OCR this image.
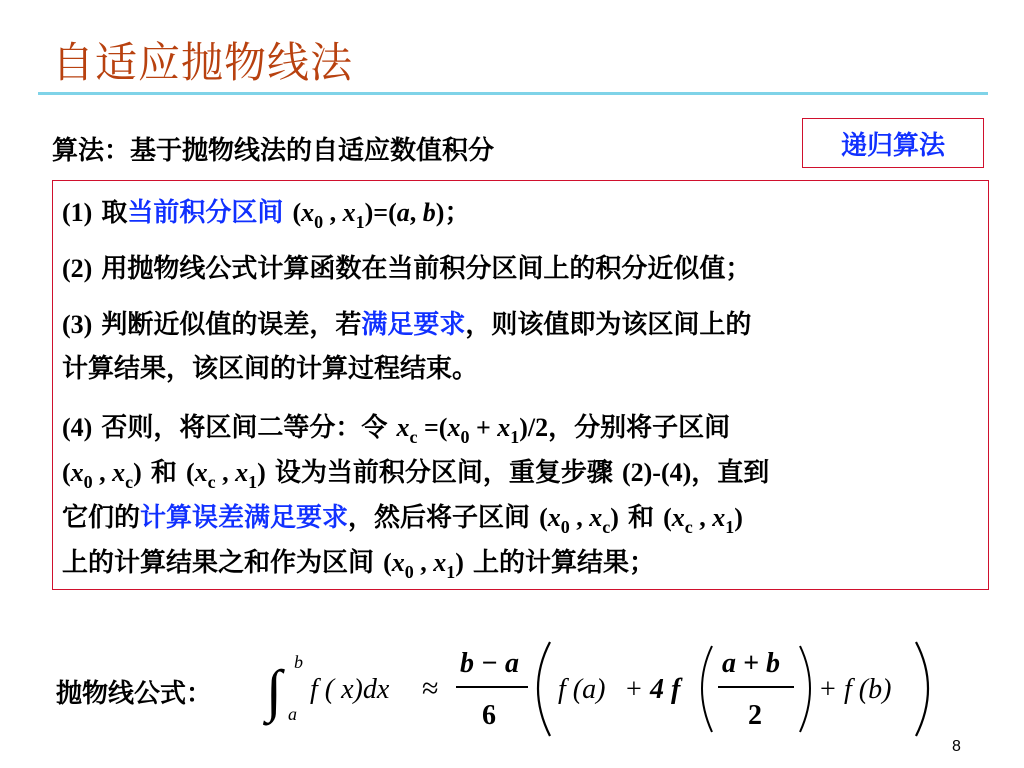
自适应抛物线法
算法：基于抛物线法的自适应数值积分	递归算法
(1) 取当前积分区间 ($x_0$ , $x_1)=(a$, b)；
(2) 用抛物线公式计算函数在当前积分区间上的积分近似值；
(3) 判断近似值的误差，若满足要求，则该值即为该区间上的
计算结果，该区间的计算过程结束。
(4) 否则，将区间二等分：令 $x_c =(x_0 + x_1)/2$，分别将子区间
($x_0$ , $x_c$) 和 ($x_c$ , $x_1$) 设为当前积分区间，重复步骤 (2)-(4)，直到
它们的计算误差满足要求，然后将子区间 ($x_0$ , $x_c$) 和 ($x_c$ , $x_1$)
上的计算结果之和作为区间 ($x_0$ , $x_1$) 上的计算结果；
抛物线公式： ∫ b
a
f ( x)dx ≈
b − a
6
f (a) + 4 f
a + b
2
+ f (b)
8
